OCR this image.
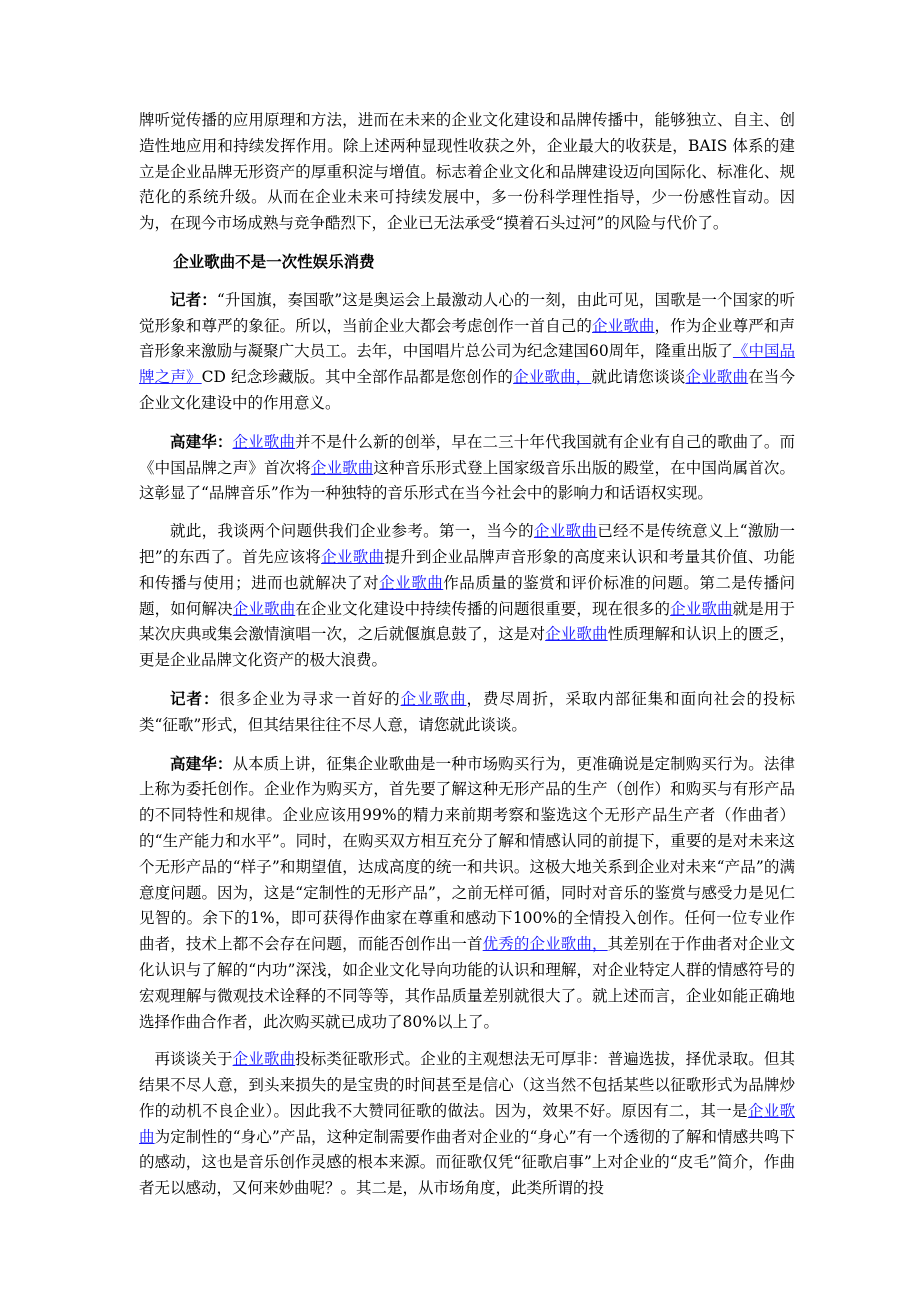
牌听觉传播的应用原理和方法，进而在未来的企业文化建设和品牌传播中，能够独立、自主、创造性地应用和持续发挥作用。除上述两种显现性收获之外，企业最大的收获是，BAIS 体系的建立是企业品牌无形资产的厚重积淀与增值。标志着企业文化和品牌建设迈向国际化、标准化、规范化的系统升级。从而在企业未来可持续发展中，多一份科学理性指导，少一份感性盲动。因为，在现今市场成熟与竞争酷烈下，企业已无法承受“摸着石头过河”的风险与代价了。

企业歌曲不是一次性娱乐消费

记者：“升国旗，奏国歌”这是奥运会上最激动人心的一刻，由此可见，国歌是一个国家的听觉形象和尊严的象征。所以，当前企业大都会考虑创作一首自己的企业歌曲，作为企业尊严和声音形象来激励与凝聚广大员工。去年，中国唱片总公司为纪念建国60周年，隆重出版了《中国品牌之声》CD 纪念珍藏版。其中全部作品都是您创作的企业歌曲，就此请您谈谈企业歌曲在当今企业文化建设中的作用意义。

高建华：企业歌曲并不是什么新的创举，早在二三十年代我国就有企业有自己的歌曲了。而《中国品牌之声》首次将企业歌曲这种音乐形式登上国家级音乐出版的殿堂，在中国尚属首次。这彰显了“品牌音乐”作为一种独特的音乐形式在当今社会中的影响力和话语权实现。

就此，我谈两个问题供我们企业参考。第一，当今的企业歌曲已经不是传统意义上“激励一把”的东西了。首先应该将企业歌曲提升到企业品牌声音形象的高度来认识和考量其价值、功能和传播与使用；进而也就解决了对企业歌曲作品质量的鉴赏和评价标准的问题。第二是传播问题，如何解决企业歌曲在企业文化建设中持续传播的问题很重要，现在很多的企业歌曲就是用于某次庆典或集会激情演唱一次，之后就偃旗息鼓了，这是对企业歌曲性质理解和认识上的匮乏，更是企业品牌文化资产的极大浪费。

记者：很多企业为寻求一首好的企业歌曲，费尽周折，采取内部征集和面向社会的投标类“征歌”形式，但其结果往往不尽人意，请您就此谈谈。

高建华：从本质上讲，征集企业歌曲是一种市场购买行为，更准确说是定制购买行为。法律上称为委托创作。企业作为购买方，首先要了解这种无形产品的生产（创作）和购买与有形产品的不同特性和规律。企业应该用99%的精力来前期考察和鉴选这个无形产品生产者（作曲者）的“生产能力和水平”。同时，在购买双方相互充分了解和情感认同的前提下，重要的是对未来这个无形产品的“样子”和期望值，达成高度的统一和共识。这极大地关系到企业对未来“产品”的满意度问题。因为，这是“定制性的无形产品”，之前无样可循，同时对音乐的鉴赏与感受力是见仁见智的。余下的1%，即可获得作曲家在尊重和感动下100%的全情投入创作。任何一位专业作曲者，技术上都不会存在问题，而能否创作出一首优秀的企业歌曲，其差别在于作曲者对企业文化认识与了解的“内功”深浅，如企业文化导向功能的认识和理解，对企业特定人群的情感符号的宏观理解与微观技术诠释的不同等等，其作品质量差别就很大了。就上述而言，企业如能正确地选择作曲合作者，此次购买就已成功了80%以上了。

再谈谈关于企业歌曲投标类征歌形式。企业的主观想法无可厚非：普遍选拔，择优录取。但其结果不尽人意，到头来损失的是宝贵的时间甚至是信心（这当然不包括某些以征歌形式为品牌炒作的动机不良企业）。因此我不大赞同征歌的做法。因为，效果不好。原因有二，其一是企业歌曲为定制性的“身心”产品，这种定制需要作曲者对企业的“身心”有一个透彻的了解和情感共鸣下的感动，这也是音乐创作灵感的根本来源。而征歌仅凭“征歌启事”上对企业的“皮毛”简介，作曲者无以感动，又何来妙曲呢？。其二是，从市场角度，此类所谓的投
